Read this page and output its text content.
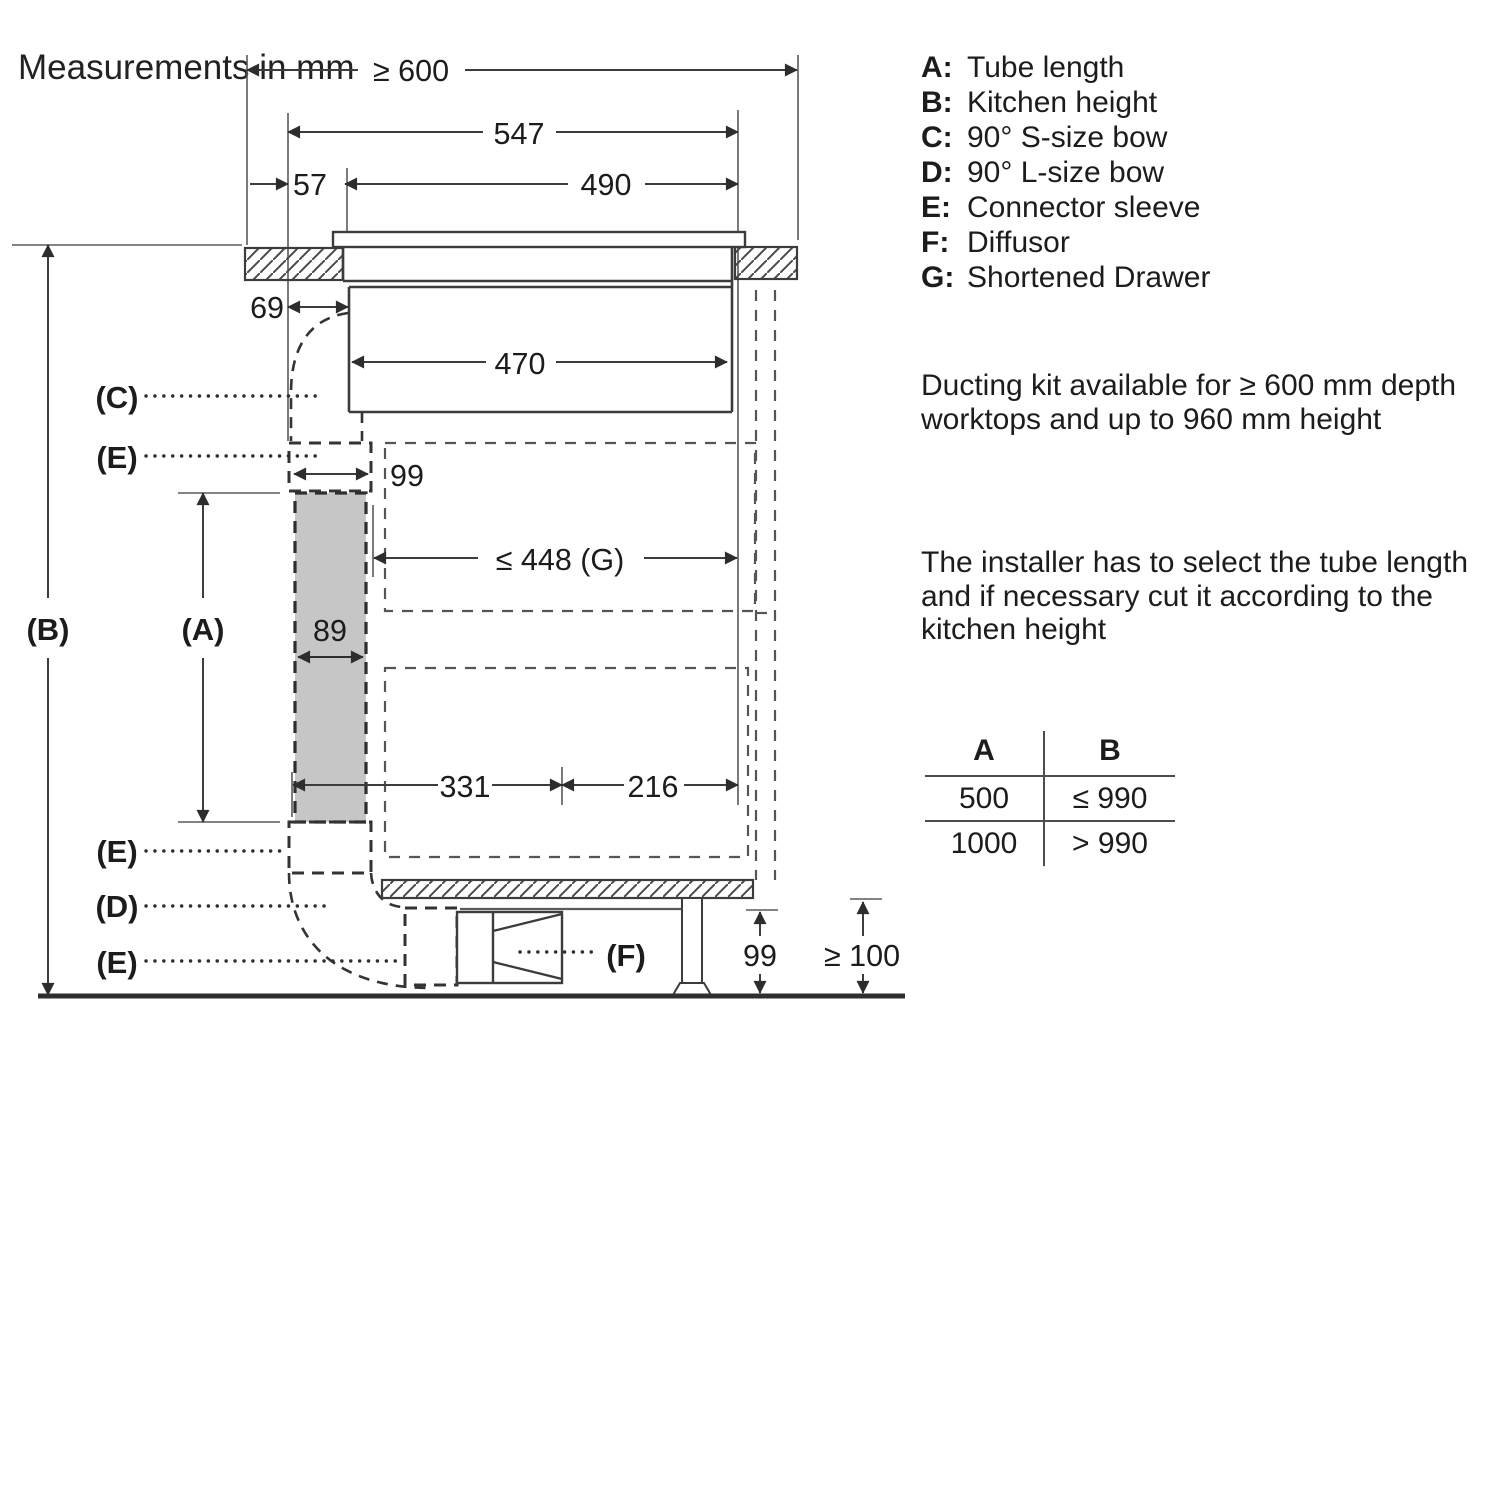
Measurements in mm ≥ 600
547
57	490
69
470
99
89
(A)
(B)
≤ 448 (G)
331	216
99 ≥ 100
(C)
(E)
(E)
(D)
(E)	(F)
A: Tube length
B: Kitchen height
C: 90° S-size bow
D: 90° L-size bow
E: Connector sleeve
F: Diffusor
G: Shortened Drawer
Ducting kit available for ≥ 600 mm depth worktops and up to 960 mm height
The installer has to select the tube length and if necessary cut it according to the kitchen height
A	B
500	≤ 990
1000	> 990
